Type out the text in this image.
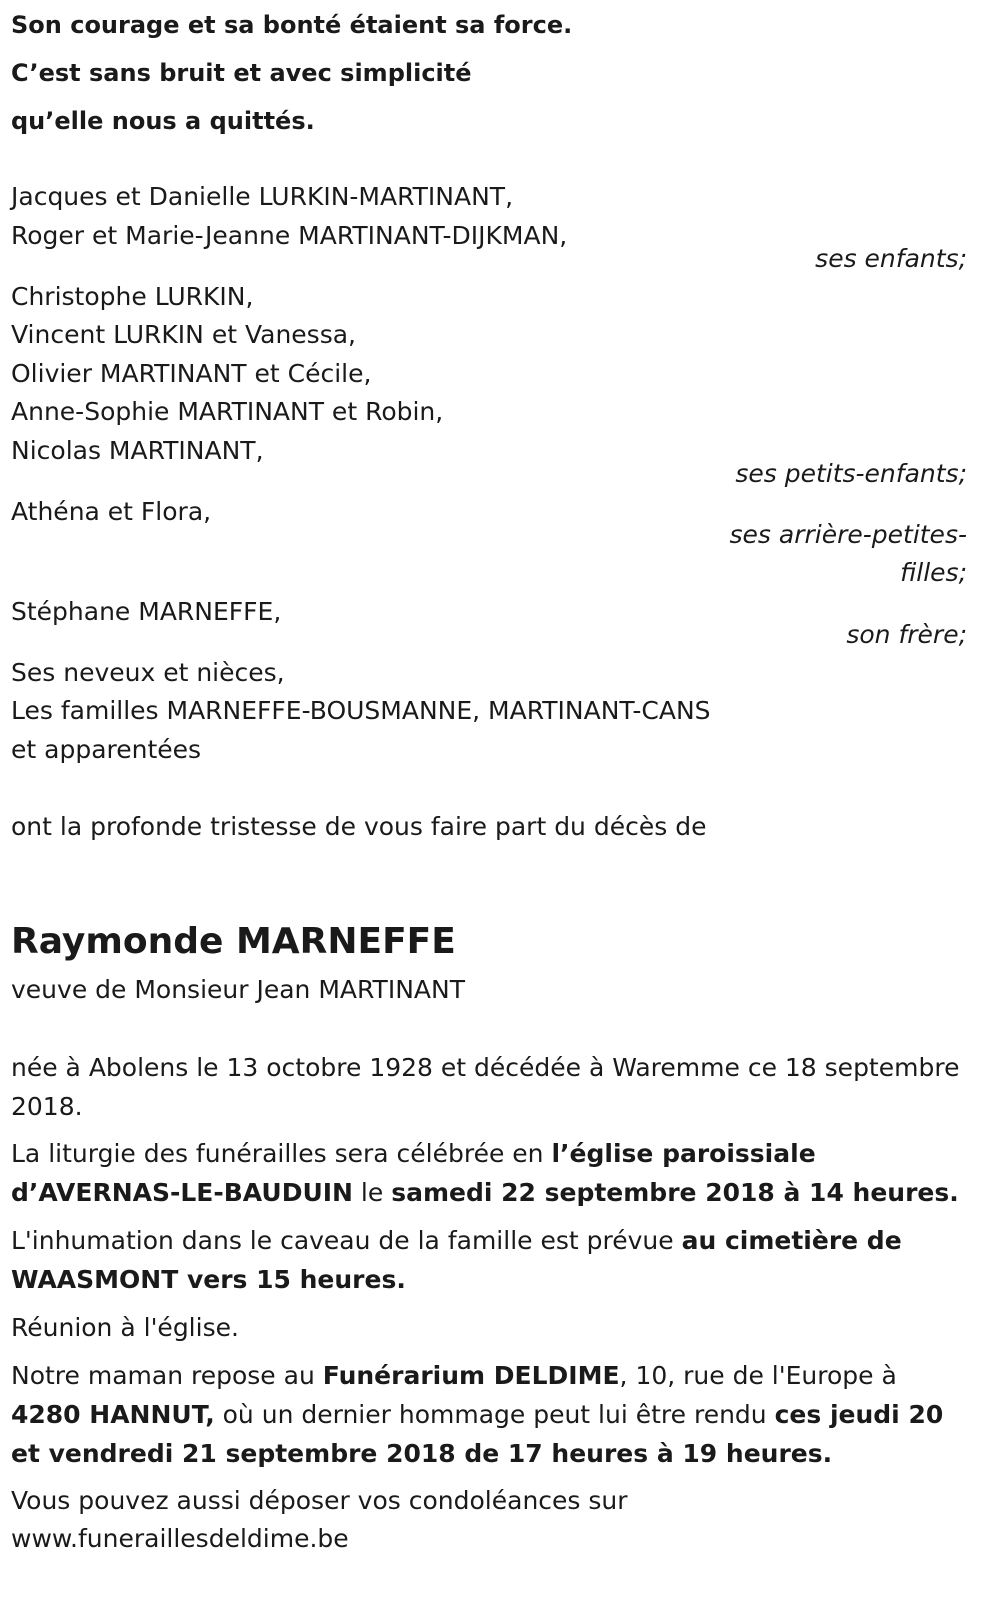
Son courage et sa bonté étaient sa force.
C’est sans bruit et avec simplicité
qu’elle nous a quittés.
Jacques et Danielle LURKIN-MARTINANT,
Roger et Marie-Jeanne MARTINANT-DIJKMAN,
ses enfants;
Christophe LURKIN,
Vincent LURKIN et Vanessa,
Olivier MARTINANT et Cécile,
Anne-Sophie MARTINANT et Robin,
Nicolas MARTINANT,
ses petits-enfants;
Athéna et Flora,
ses arrière-petites-
filles;
Stéphane MARNEFFE,
son frère;
Ses neveux et nièces,
Les familles MARNEFFE-BOUSMANNE, MARTINANT-CANS
et apparentées
ont la profonde tristesse de vous faire part du décès de
Raymonde MARNEFFE
veuve de Monsieur Jean MARTINANT
née à Abolens le 13 octobre 1928 et décédée à Waremme ce 18 septembre 2018.
La liturgie des funérailles sera célébrée en l’église paroissiale d’AVERNAS-LE-BAUDUIN le samedi 22 septembre 2018 à 14 heures.
L'inhumation dans le caveau de la famille est prévue au cimetière de WAASMONT vers 15 heures.
Réunion à l'église.
Notre maman repose au Funérarium DELDIME, 10, rue de l'Europe à 4280 HANNUT, où un dernier hommage peut lui être rendu ces jeudi 20 et vendredi 21 septembre 2018 de 17 heures à 19 heures.
Vous pouvez aussi déposer vos condoléances sur
www.funeraillesdeldime.be
